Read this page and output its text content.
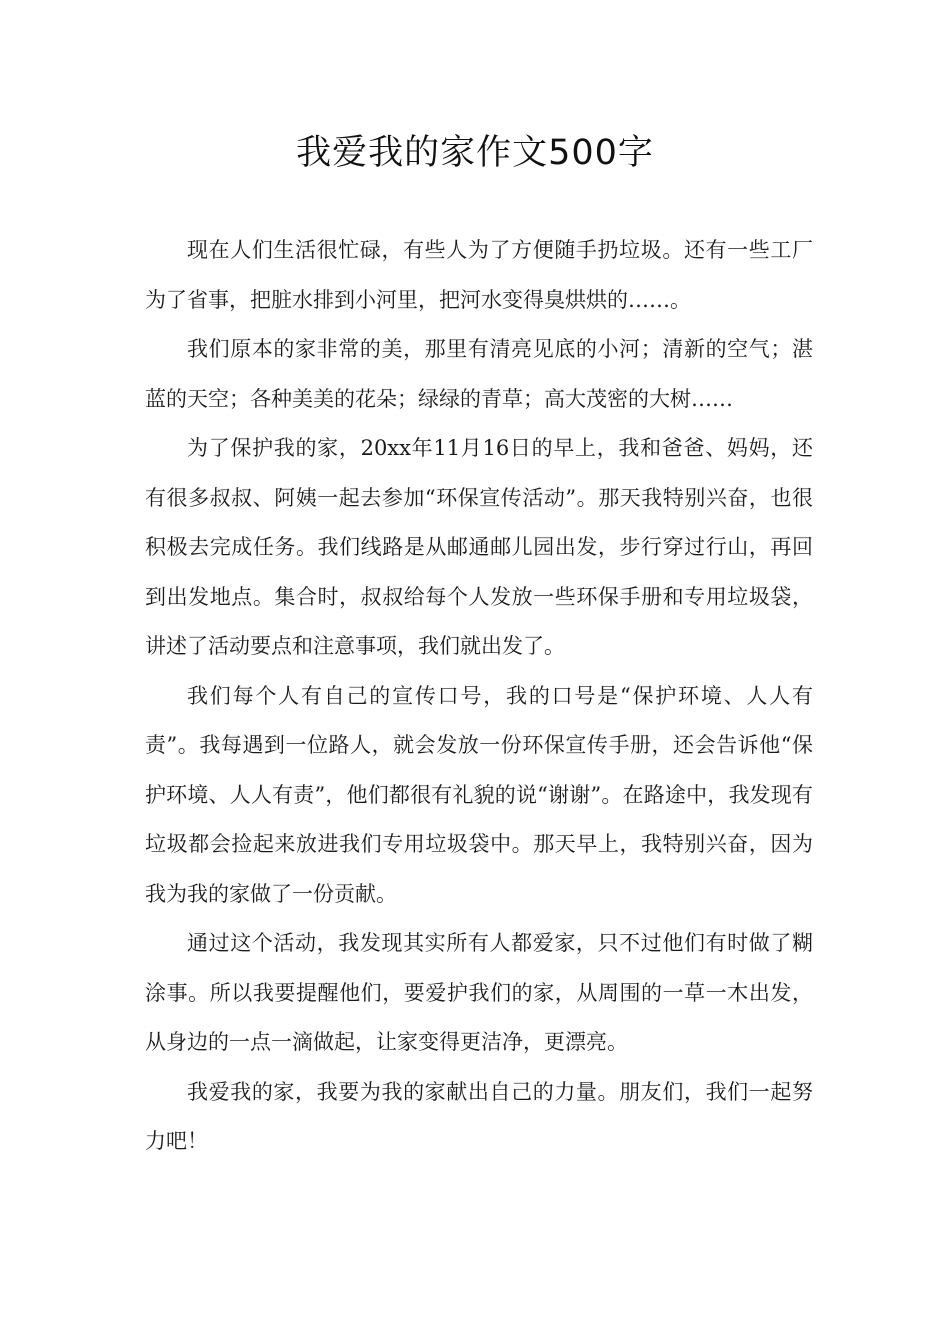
我爱我的家作文500字

现在人们生活很忙碌，有些人为了方便随手扔垃圾。还有一些工厂为了省事，把脏水排到小河里，把河水变得臭烘烘的……。

我们原本的家非常的美，那里有清亮见底的小河；清新的空气；湛蓝的天空；各种美美的花朵；绿绿的青草；高大茂密的大树……

为了保护我的家，20xx年11月16日的早上，我和爸爸、妈妈，还有很多叔叔、阿姨一起去参加“环保宣传活动”。那天我特别兴奋，也很积极去完成任务。我们线路是从邮通邮儿园出发，步行穿过行山，再回到出发地点。集合时，叔叔给每个人发放一些环保手册和专用垃圾袋，讲述了活动要点和注意事项，我们就出发了。

我们每个人有自己的宣传口号，我的口号是“保护环境、人人有责”。我每遇到一位路人，就会发放一份环保宣传手册，还会告诉他“保护环境、人人有责”，他们都很有礼貌的说“谢谢”。在路途中，我发现有垃圾都会捡起来放进我们专用垃圾袋中。那天早上，我特别兴奋，因为我为我的家做了一份贡献。

通过这个活动，我发现其实所有人都爱家，只不过他们有时做了糊涂事。所以我要提醒他们，要爱护我们的家，从周围的一草一木出发，从身边的一点一滴做起，让家变得更洁净，更漂亮。

我爱我的家，我要为我的家献出自己的力量。朋友们，我们一起努力吧！
